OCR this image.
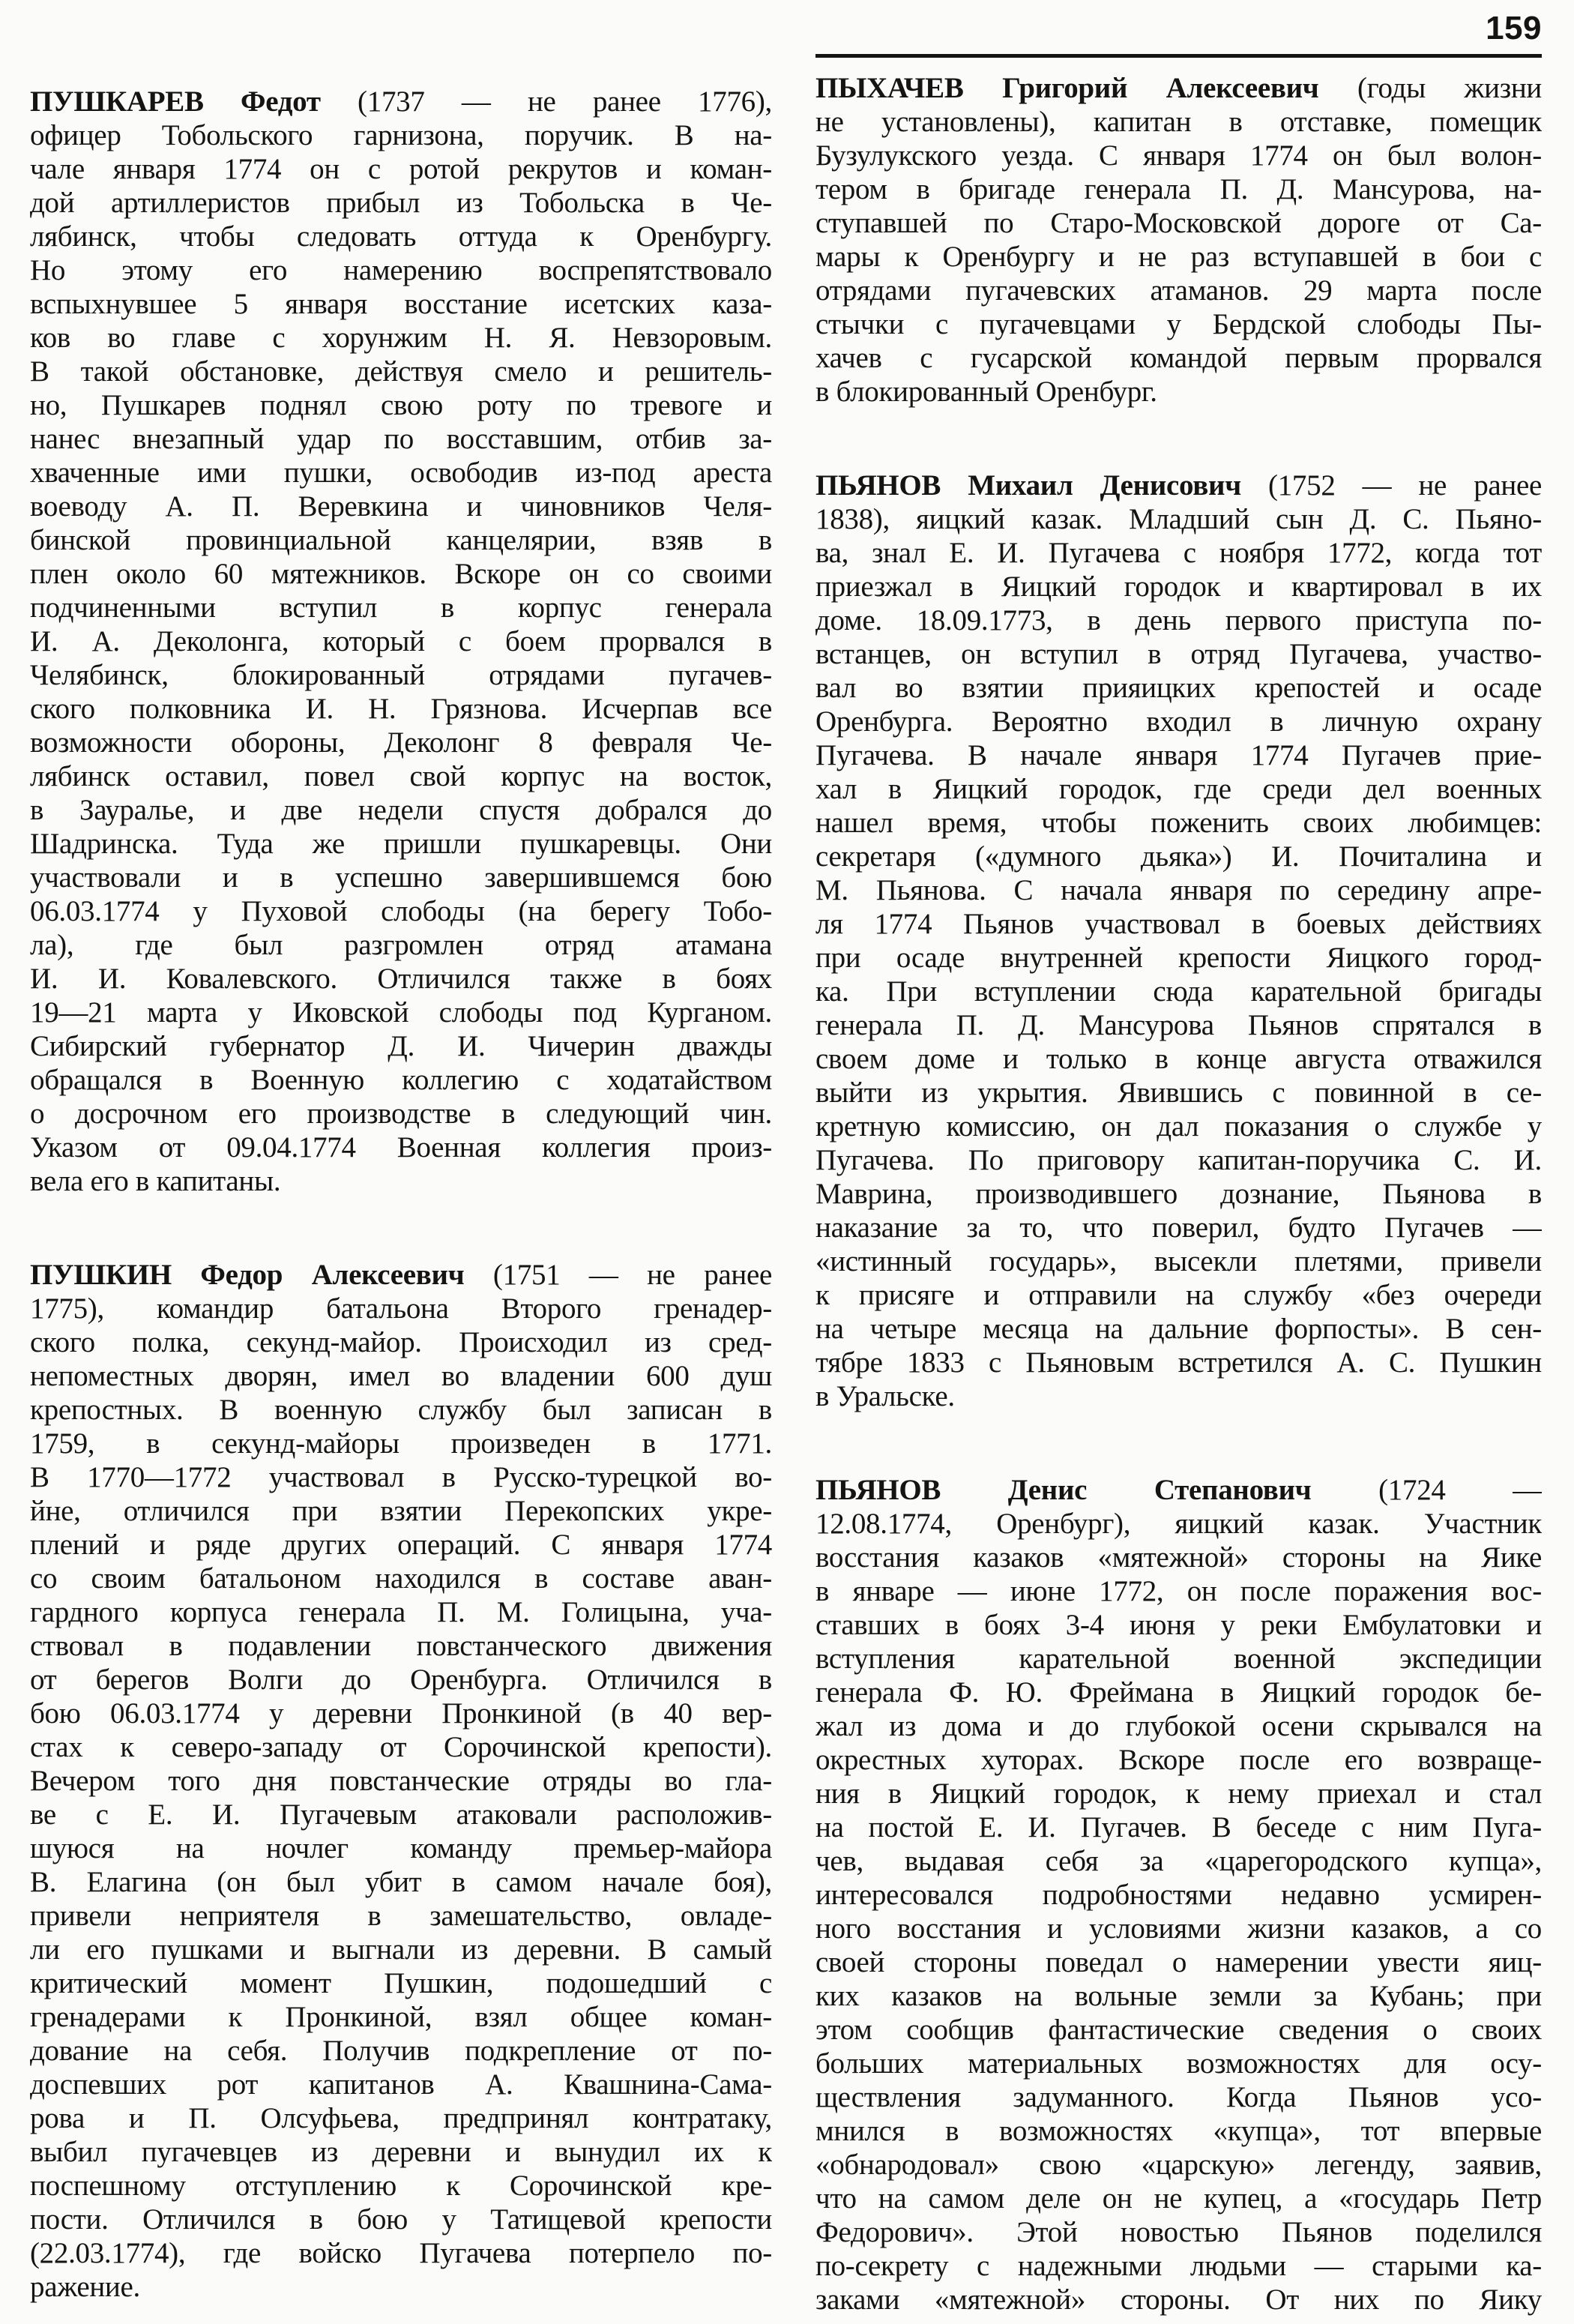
ПУШКАРЕВ Федот (1737 — не ранее 1776),
офицер Тобольского гарнизона, поручик. В на-
чале января 1774 он с ротой рекрутов и коман-
дой артиллеристов прибыл из Тобольска в Че-
лябинск, чтобы следовать оттуда к Оренбургу.
Но этому его намерению воспрепятствовало
вспыхнувшее 5 января восстание исетских каза-
ков во главе с хорунжим Н. Я. Невзоровым.
В такой обстановке, действуя смело и решитель-
но, Пушкарев поднял свою роту по тревоге и
нанес внезапный удар по восставшим, отбив за-
хваченные ими пушки, освободив из-под ареста
воеводу А. П. Веревкина и чиновников Челя-
бинской провинциальной канцелярии, взяв в
плен около 60 мятежников. Вскоре он со своими
подчиненными вступил в корпус генерала
И. А. Деколонга, который с боем прорвался в
Челябинск, блокированный отрядами пугачев-
ского полковника И. Н. Грязнова. Исчерпав все
возможности обороны, Деколонг 8 февраля Че-
лябинск оставил, повел свой корпус на восток,
в Зауралье, и две недели спустя добрался до
Шадринска. Туда же пришли пушкаревцы. Они
участвовали и в успешно завершившемся бою
06.03.1774 у Пуховой слободы (на берегу Тобо-
ла), где был разгромлен отряд атамана
И. И. Ковалевского. Отличился также в боях
19—21 марта у Иковской слободы под Курганом.
Сибирский губернатор Д. И. Чичерин дважды
обращался в Военную коллегию с ходатайством
о досрочном его производстве в следующий чин.
Указом от 09.04.1774 Военная коллегия произ-
вела его в капитаны.
ПУШКИН Федор Алексеевич (1751 — не ранее
1775), командир батальона Второго гренадер-
ского полка, секунд-майор. Происходил из сред-
непоместных дворян, имел во владении 600 душ
крепостных. В военную службу был записан в
1759, в секунд-майоры произведен в 1771.
В 1770—1772 участвовал в Русско-турецкой во-
йне, отличился при взятии Перекопских укре-
плений и ряде других операций. С января 1774
со своим батальоном находился в составе аван-
гардного корпуса генерала П. М. Голицына, уча-
ствовал в подавлении повстанческого движения
от берегов Волги до Оренбурга. Отличился в
бою 06.03.1774 у деревни Пронкиной (в 40 вер-
стах к северо-западу от Сорочинской крепости).
Вечером того дня повстанческие отряды во гла-
ве с Е. И. Пугачевым атаковали расположив-
шуюся на ночлег команду премьер-майора
В. Елагина (он был убит в самом начале боя),
привели неприятеля в замешательство, овладе-
ли его пушками и выгнали из деревни. В самый
критический момент Пушкин, подошедший с
гренадерами к Пронкиной, взял общее коман-
дование на себя. Получив подкрепление от по-
доспевших рот капитанов А. Квашнина-Сама-
рова и П. Олсуфьева, предпринял контратаку,
выбил пугачевцев из деревни и вынудил их к
поспешному отступлению к Сорочинской кре-
пости. Отличился в бою у Татищевой крепости
(22.03.1774), где войско Пугачева потерпело по-
ражение.
159
ПЫХАЧЕВ Григорий Алексеевич (годы жизни
не установлены), капитан в отставке, помещик
Бузулукского уезда. С января 1774 он был волон-
тером в бригаде генерала П. Д. Мансурова, на-
ступавшей по Старо-Московской дороге от Са-
мары к Оренбургу и не раз вступавшей в бои с
отрядами пугачевских атаманов. 29 марта после
стычки с пугачевцами у Бердской слободы Пы-
хачев с гусарской командой первым прорвался
в блокированный Оренбург.
ПЬЯНОВ Михаил Денисович (1752 — не ранее
1838), яицкий казак. Младший сын Д. С. Пьяно-
ва, знал Е. И. Пугачева с ноября 1772, когда тот
приезжал в Яицкий городок и квартировал в их
доме. 18.09.1773, в день первого приступа по-
встанцев, он вступил в отряд Пугачева, участво-
вал во взятии прияицких крепостей и осаде
Оренбурга. Вероятно входил в личную охрану
Пугачева. В начале января 1774 Пугачев прие-
хал в Яицкий городок, где среди дел военных
нашел время, чтобы поженить своих любимцев:
секретаря («думного дьяка») И. Почиталина и
М. Пьянова. С начала января по середину апре-
ля 1774 Пьянов участвовал в боевых действиях
при осаде внутренней крепости Яицкого город-
ка. При вступлении сюда карательной бригады
генерала П. Д. Мансурова Пьянов спрятался в
своем доме и только в конце августа отважился
выйти из укрытия. Явившись с повинной в се-
кретную комиссию, он дал показания о службе у
Пугачева. По приговору капитан-поручика С. И.
Маврина, производившего дознание, Пьянова в
наказание за то, что поверил, будто Пугачев —
«истинный государь», высекли плетями, привели
к присяге и отправили на службу «без очереди
на четыре месяца на дальние форпосты». В сен-
тябре 1833 с Пьяновым встретился А. С. Пушкин
в Уральске.
ПЬЯНОВ Денис Степанович (1724 —
12.08.1774, Оренбург), яицкий казак. Участник
восстания казаков «мятежной» стороны на Яике
в январе — июне 1772, он после поражения вос-
ставших в боях 3-4 июня у реки Ембулатовки и
вступления карательной военной экспедиции
генерала Ф. Ю. Фреймана в Яицкий городок бе-
жал из дома и до глубокой осени скрывался на
окрестных хуторах. Вскоре после его возвраще-
ния в Яицкий городок, к нему приехал и стал
на постой Е. И. Пугачев. В беседе с ним Пуга-
чев, выдавая себя за «царегородского купца»,
интересовался подробностями недавно усмирен-
ного восстания и условиями жизни казаков, а со
своей стороны поведал о намерении увести яиц-
ких казаков на вольные земли за Кубань; при
этом сообщив фантастические сведения о своих
больших материальных возможностях для осу-
ществления задуманного. Когда Пьянов усо-
мнился в возможностях «купца», тот впервые
«обнародовал» свою «царскую» легенду, заявив,
что на самом деле он не купец, а «государь Петр
Федорович». Этой новостью Пьянов поделился
по-секрету с надежными людьми — старыми ка-
заками «мятежной» стороны. От них по Яику
